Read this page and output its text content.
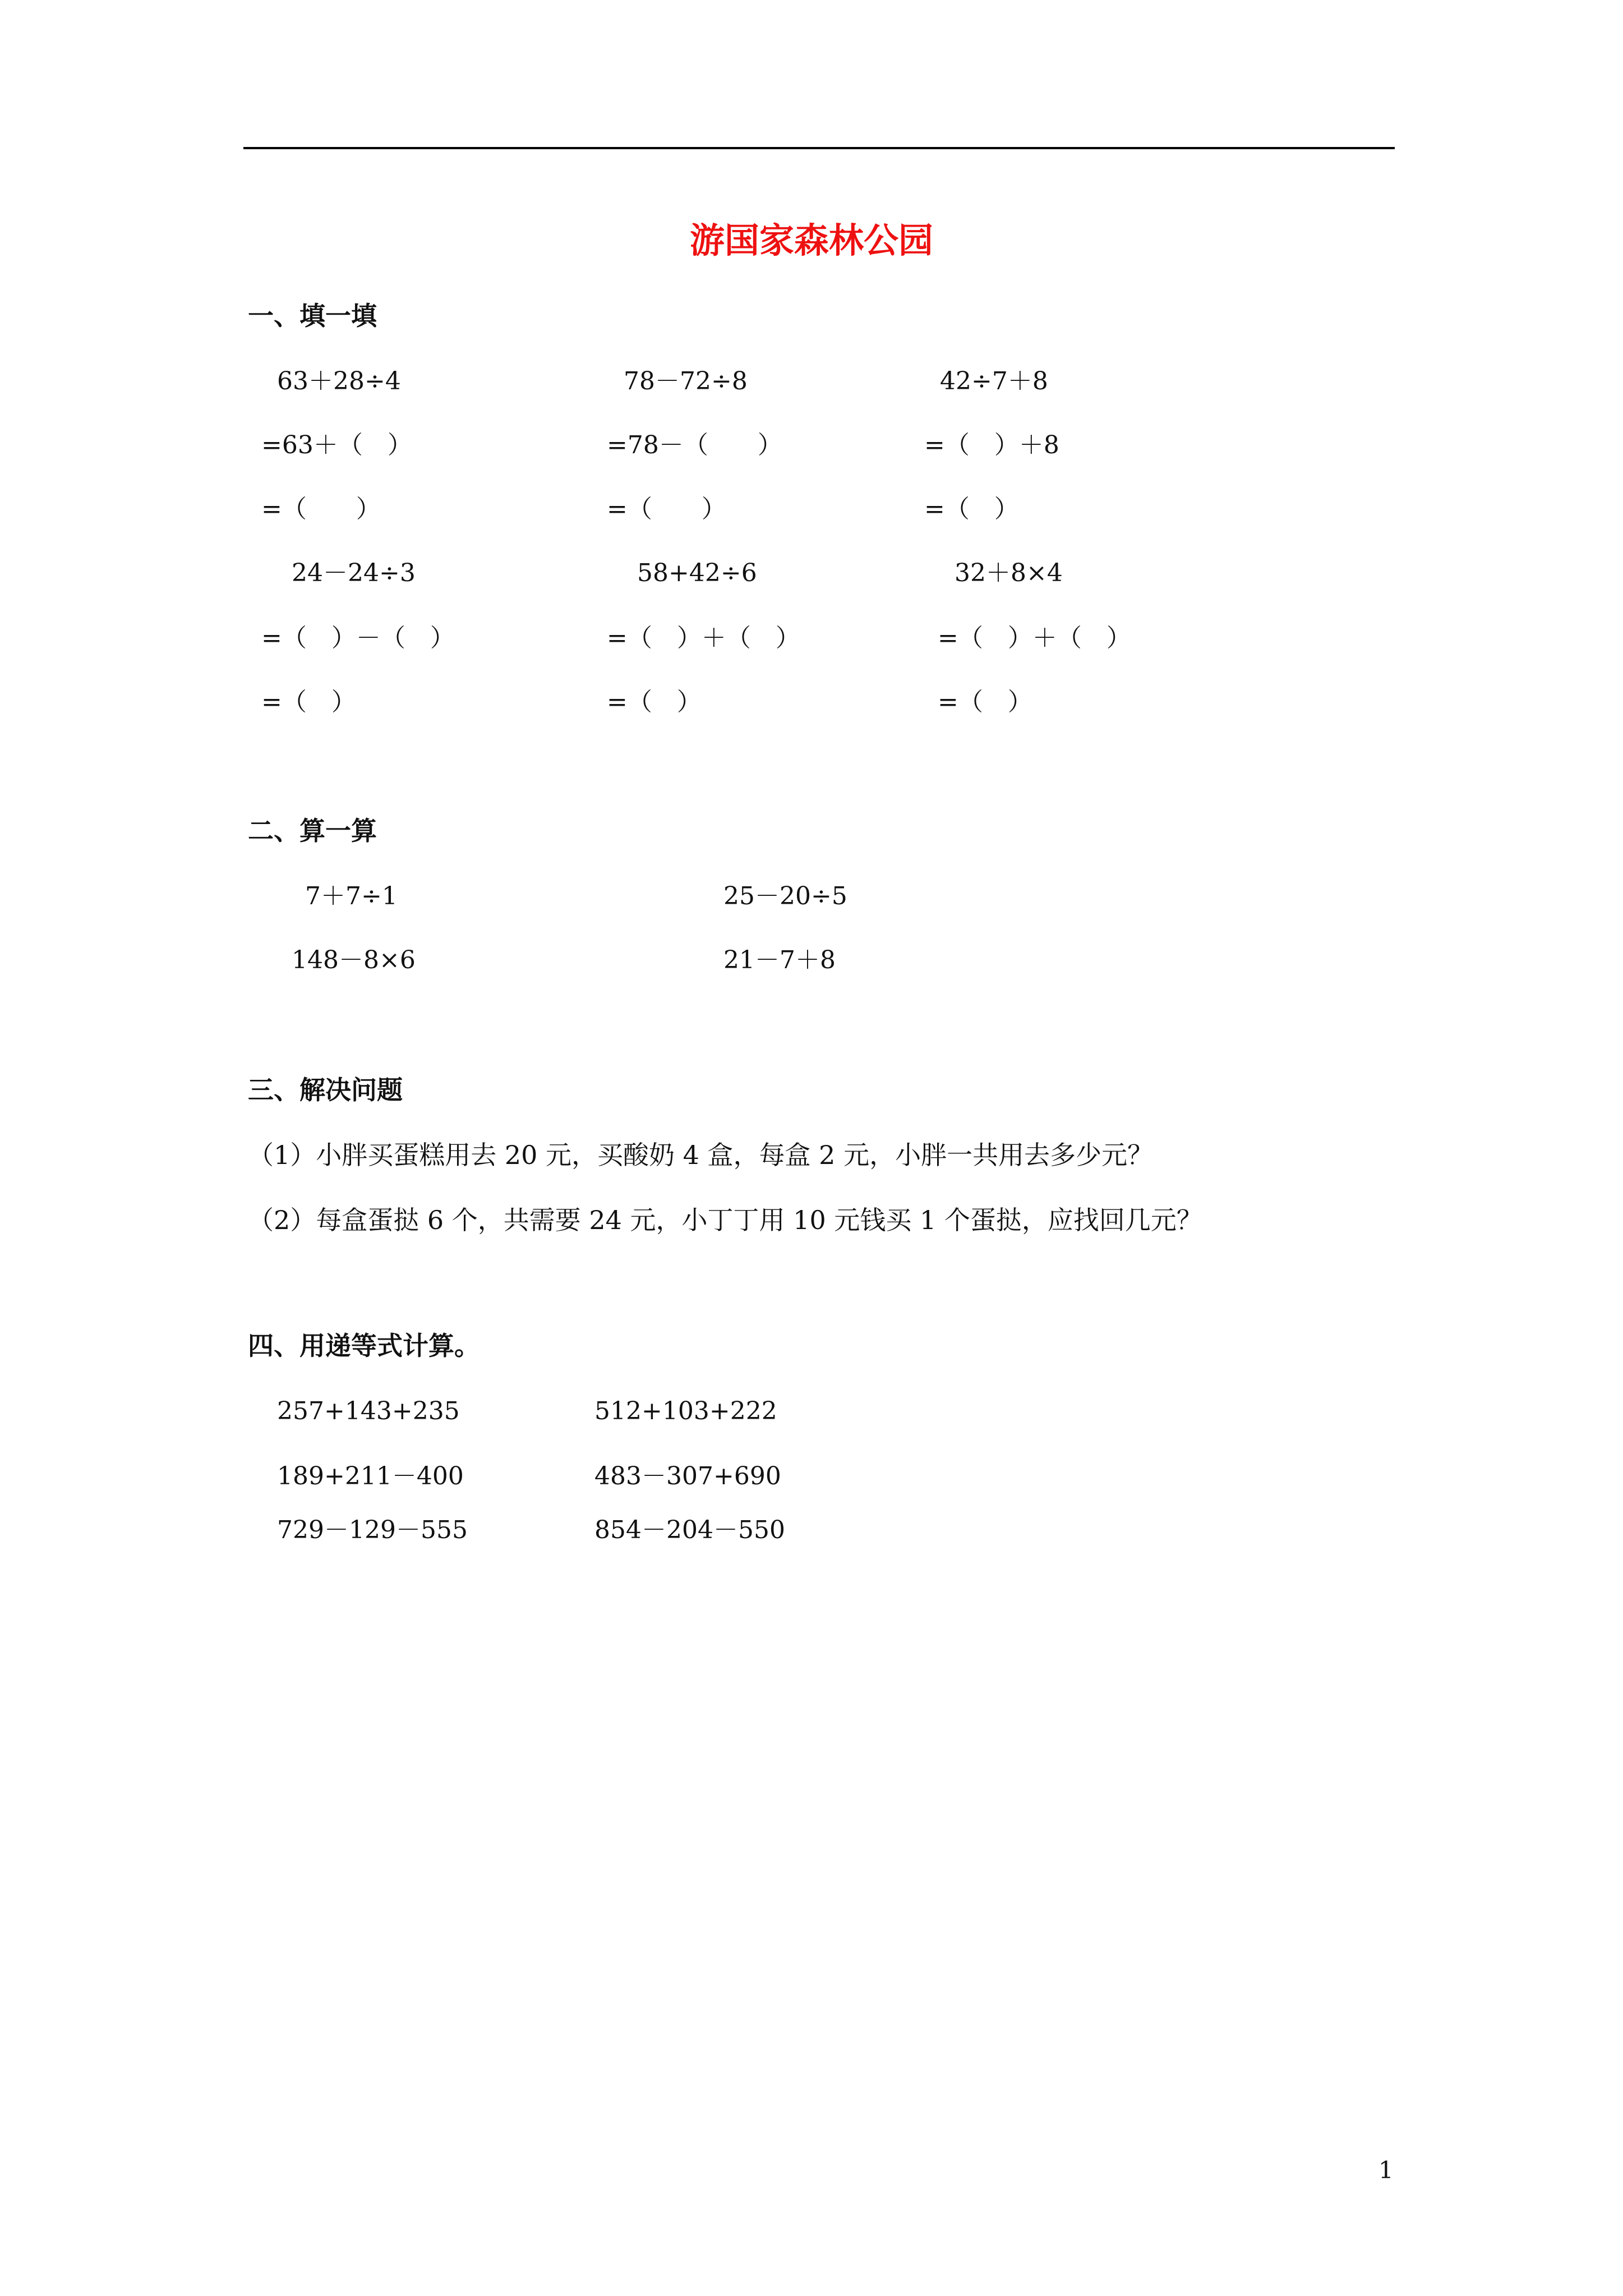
游国家森林公园
一、填一填
63＋28÷4
=63＋（　）
=（　　）
78－72÷8
=78－（　　）
=（　　）
42÷7＋8
=（　）＋8
=（　）
24－24÷3
=（　）－（　）
=（　）
58+42÷6
=（　）＋（　）
=（　）
32＋8×4
=（　）＋（　）
=（　）
二、算一算
7＋7÷1	25－20÷5
148－8×6	21－7＋8
三、解决问题
（1）小胖买蛋糕用去 20 元，买酸奶 4 盒，每盒 2 元，小胖一共用去多少元？
（2）每盒蛋挞 6 个，共需要 24 元，小丁丁用 10 元钱买 1 个蛋挞，应找回几元？
四、用递等式计算。
257+143+235	512+103+222
189+211－400	483－307+690
729－129－555	854－204－550
1
